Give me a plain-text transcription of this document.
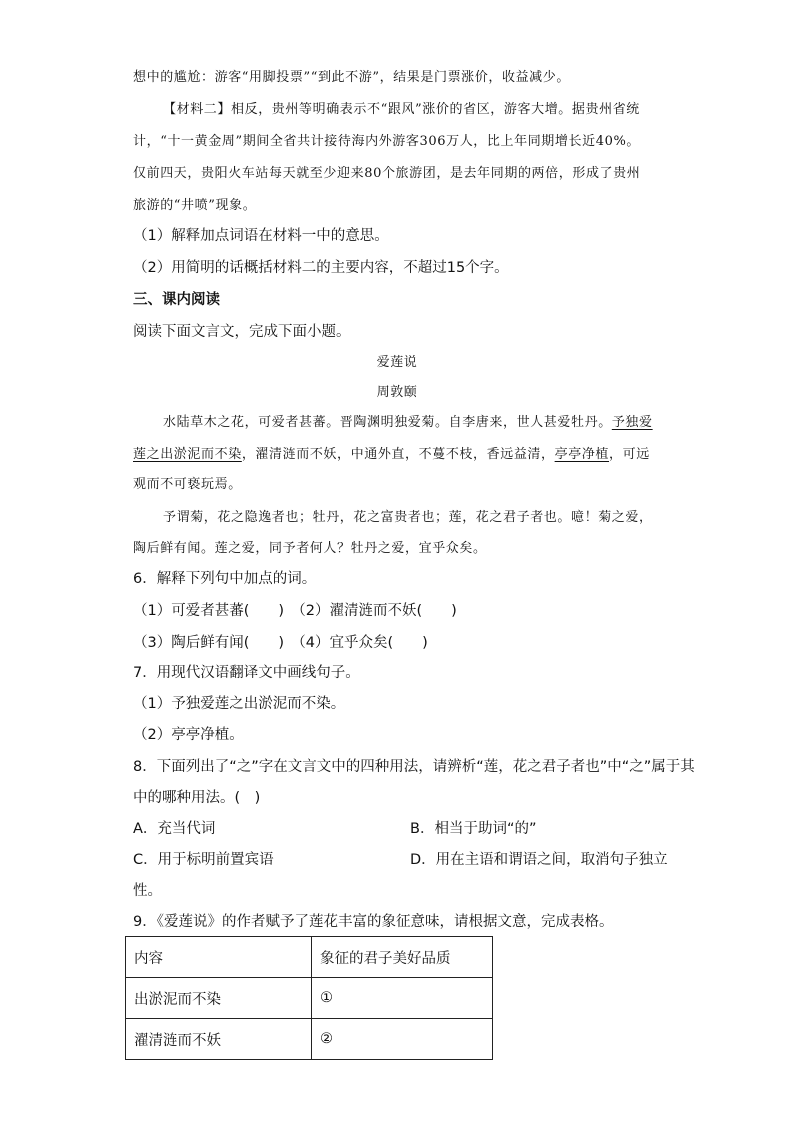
想中的尴尬：游客“用脚投票”“到此不游”，结果是门票涨价，收益减少。
【材料二】相反，贵州等明确表示不“跟风”涨价的省区，游客大增。据贵州省统
计，“十一黄金周”期间全省共计接待海内外游客306万人，比上年同期增长近40%。
仅前四天，贵阳火车站每天就至少迎来80个旅游团，是去年同期的两倍，形成了贵州
旅游的“井喷”现象。
（1）解释加点词语在材料一中的意思。
（2）用简明的话概括材料二的主要内容，不超过15个字。
三、课内阅读
阅读下面文言文，完成下面小题。
爱莲说
周敦颐
水陆草木之花，可爱者甚蕃。晋陶渊明独爱菊。自李唐来，世人甚爱牡丹。予独爱
莲之出淤泥而不染，濯清涟而不妖，中通外直，不蔓不枝，香远益清，亭亭净植，可远
观而不可亵玩焉。
予谓菊，花之隐逸者也；牡丹，花之富贵者也；莲，花之君子者也。噫！菊之爱，
陶后鲜有闻。莲之爱，同予者何人？牡丹之爱，宜乎众矣。
6．解释下列句中加点的词。
（1）可爱者甚蕃(　　)　（2）濯清涟而不妖(　　)
（3）陶后鲜有闻(　　)　（4）宜乎众矣(　　)
7．用现代汉语翻译文中画线句子。
（1）予独爱莲之出淤泥而不染。
（2）亭亭净植。
8．下面列出了“之”字在文言文中的四种用法，请辨析“莲，花之君子者也”中“之”属于其
中的哪种用法。(　)
A．充当代词	B．相当于助词“的”
C．用于标明前置宾语	D．用在主语和谓语之间，取消句子独立
性。
9．《爱莲说》的作者赋予了莲花丰富的象征意味，请根据文意，完成表格。
内容	象征的君子美好品质
出淤泥而不染	①
濯清涟而不妖	②
